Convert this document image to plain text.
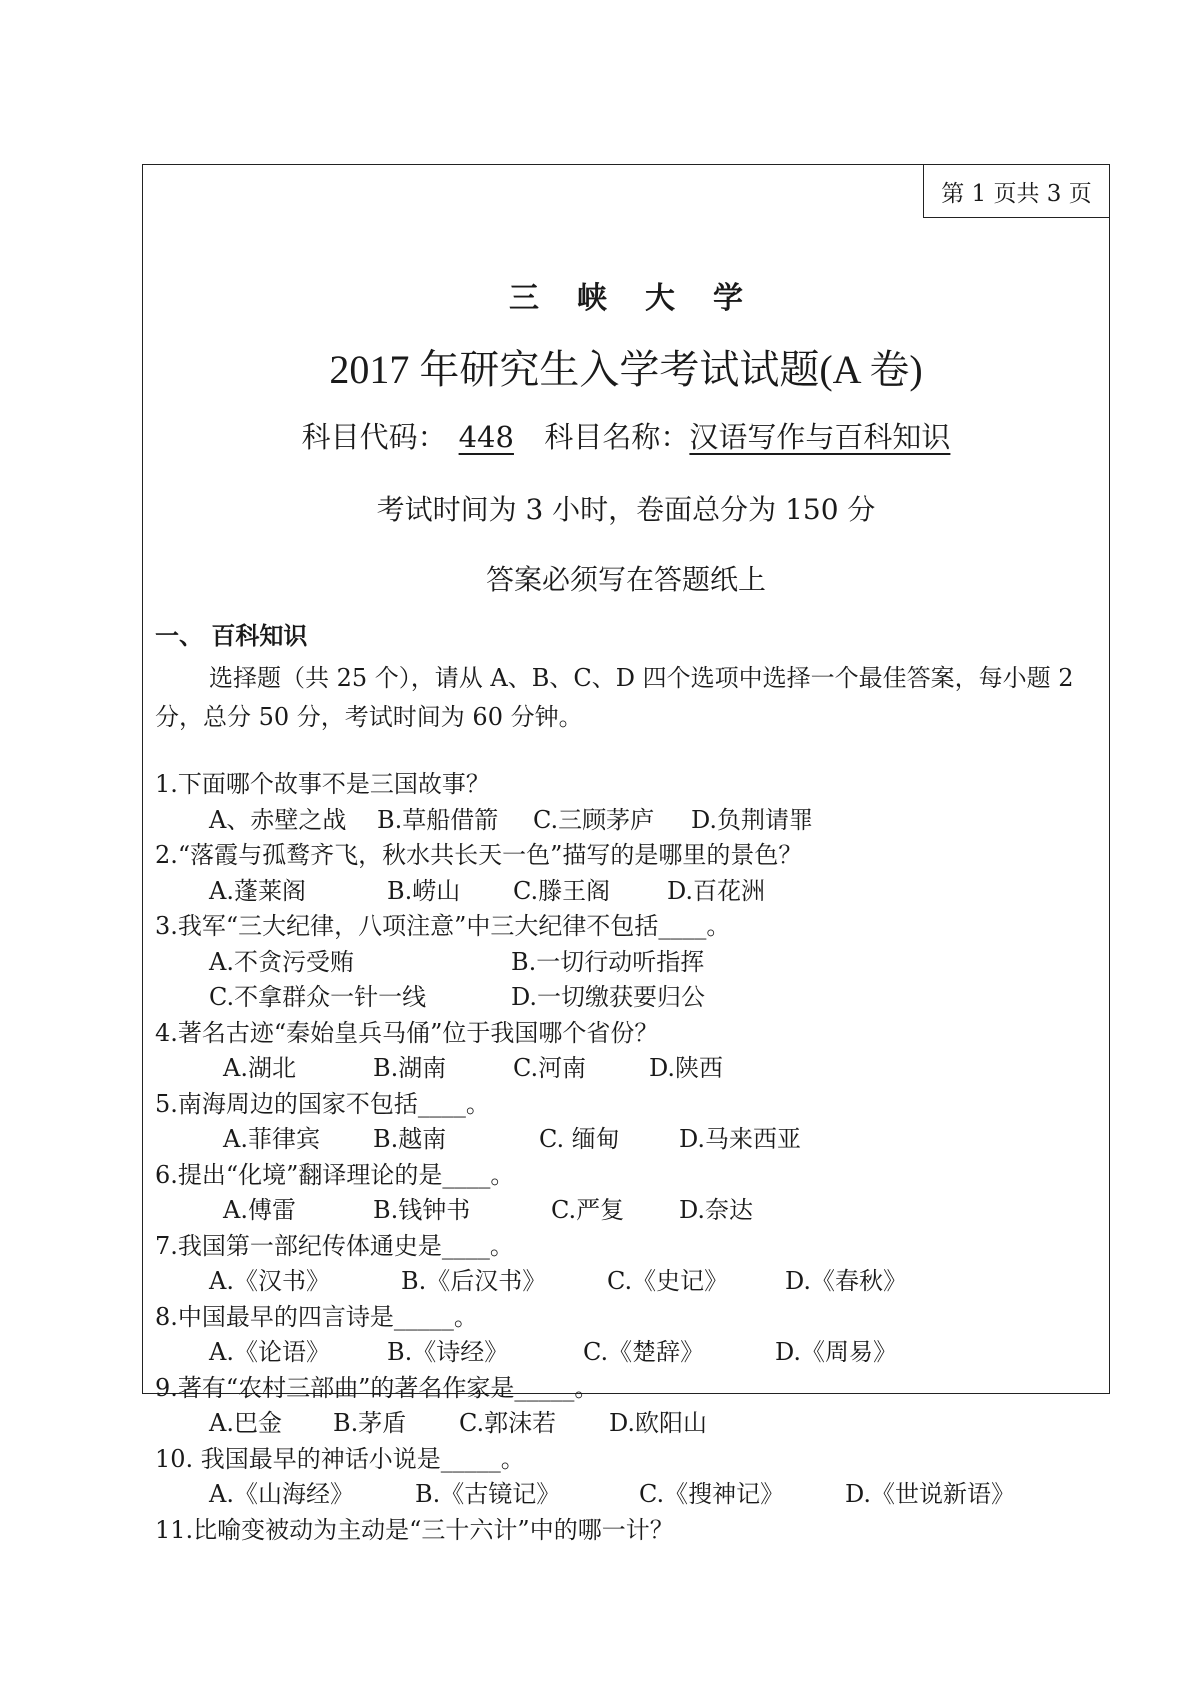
第 1 页共 3 页
三峡大学
2017 年研究生入学考试试题(A 卷)
科目代码： 448 科目名称：汉语写作与百科知识
考试时间为 3 小时，卷面总分为 150 分
答案必须写在答题纸上
一、 百科知识
选择题（共 25 个），请从 A、B、C、D 四个选项中选择一个最佳答案，每小题 2 分，总分 50 分，考试时间为 60 分钟。
1.下面哪个故事不是三国故事？
A、赤壁之战 B.草船借箭 C.三顾茅庐 D.负荆请罪
2.“落霞与孤鹜齐飞，秋水共长天一色”描写的是哪里的景色？
A.蓬莱阁	B.崂山 C.滕王阁 D.百花洲
3.我军“三大纪律，八项注意”中三大纪律不包括____。
A.不贪污受贿	B.一切行动听指挥
C.不拿群众一针一线	D.一切缴获要归公
4.著名古迹“秦始皇兵马俑”位于我国哪个省份？
A.湖北	B.湖南	C.河南	D.陕西
5.南海周边的国家不包括____。
A.菲律宾 B.越南	C. 缅甸 D.马来西亚
6.提出“化境”翻译理论的是____。
A.傅雷	B.钱钟书	C.严复 D.奈达
7.我国第一部纪传体通史是____。
A.《汉书》	B.《后汉书》	C.《史记》 D.《春秋》
8.中国最早的四言诗是_____。
A.《论语》 B.《诗经》	C.《楚辞》	D.《周易》
9.著有“农村三部曲”的著名作家是_____。
A.巴金 B.茅盾 C.郭沫若 D.欧阳山
10. 我国最早的神话小说是_____。
A.《山海经》	B.《古镜记》	C.《搜神记》	D.《世说新语》
11.比喻变被动为主动是“三十六计”中的哪一计？
